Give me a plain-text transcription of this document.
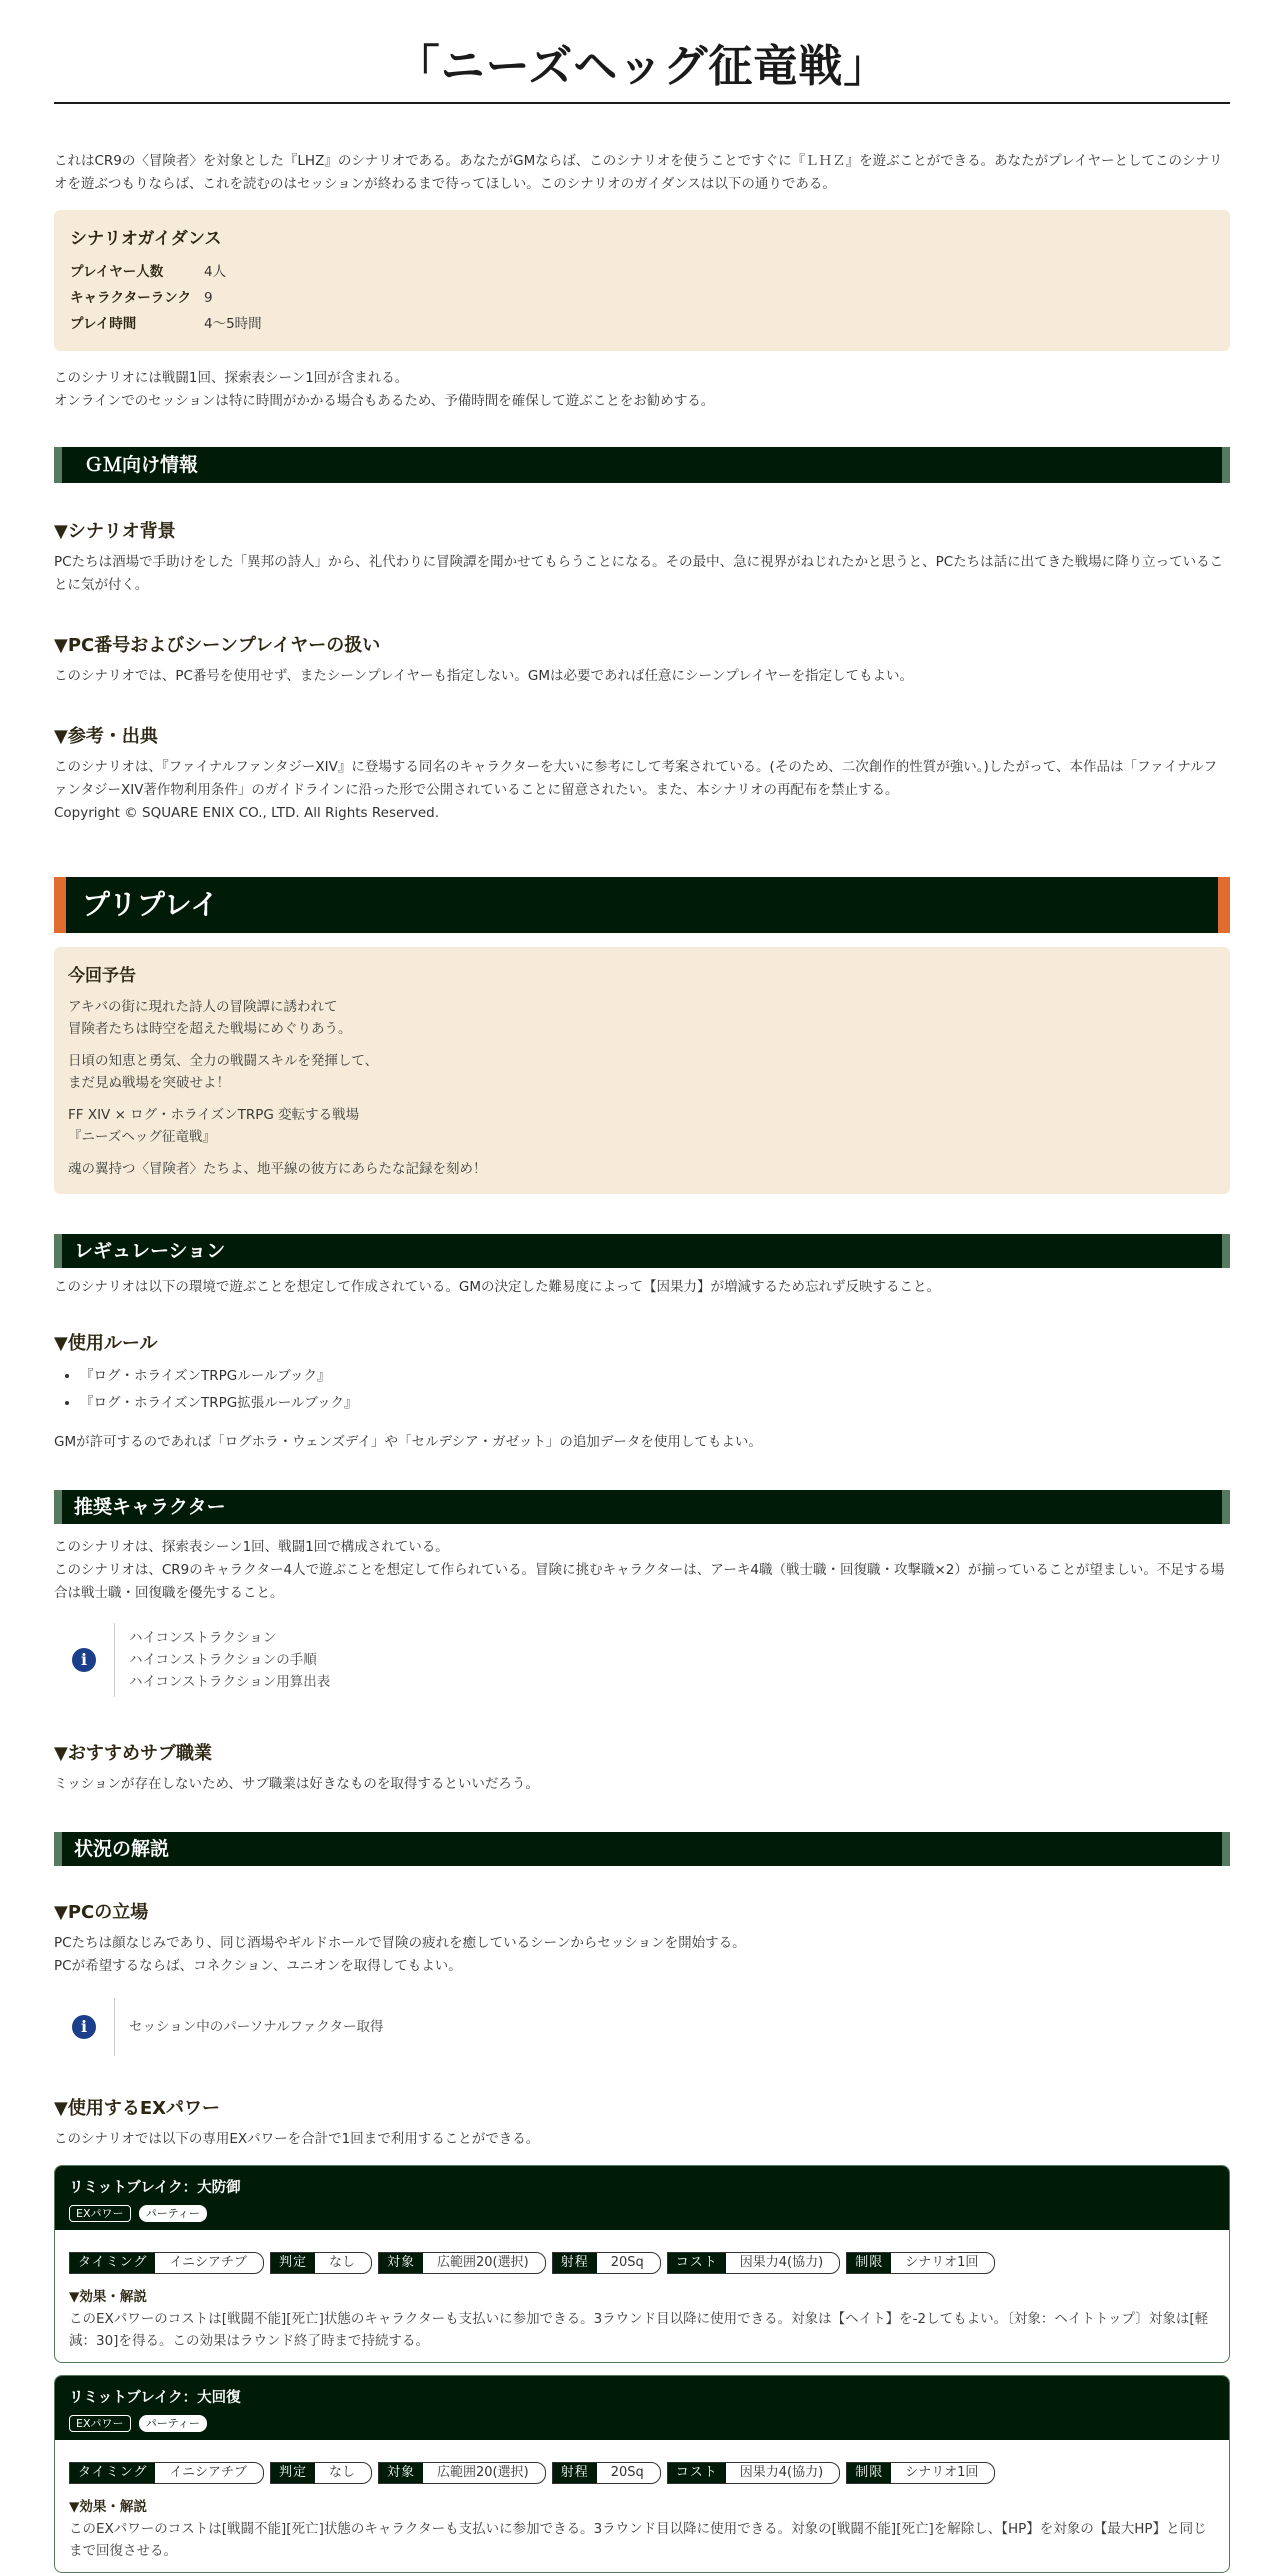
「ニーズヘッグ征竜戦」

これはCR9の〈冒険者〉を対象とした『LHZ』のシナリオである。あなたがGMならば、このシナリオを使うことですぐに『ＬＨＺ』を遊ぶことができる。あなたがプレイヤーとしてこのシナリオを遊ぶつもりならば、これを読むのはセッションが終わるまで待ってほしい。このシナリオのガイダンスは以下の通りである。

シナリオガイダンス
プレイヤー人数	4人
キャラクターランク 9
プレイ時間	4～5時間

このシナリオには戦闘1回、探索表シーン1回が含まれる。

オンラインでのセッションは特に時間がかかる場合もあるため、予備時間を確保して遊ぶことをお勧めする。

ＧＭ向け情報
▼シナリオ背景

PCたちは酒場で手助けをした「異邦の詩人」から、礼代わりに冒険譚を聞かせてもらうことになる。その最中、急に視界がねじれたかと思うと、PCたちは話に出てきた戦場に降り立っていることに気が付く。

▼PC番号およびシーンプレイヤーの扱い

このシナリオでは、PC番号を使用せず、またシーンプレイヤーも指定しない。GMは必要であれば任意にシーンプレイヤーを指定してもよい。

▼参考・出典

このシナリオは、『ファイナルファンタジーXIV』に登場する同名のキャラクターを大いに参考にして考案されている。(そのため、二次創作的性質が強い。)したがって、本作品は「ファイナルファンタジーXIV著作物利用条件」のガイドラインに沿った形で公開されていることに留意されたい。また、本シナリオの再配布を禁止する。

Copyright © SQUARE ENIX CO., LTD. All Rights Reserved.

プリプレイ
今回予告

アキバの街に現れた詩人の冒険譚に誘われて
冒険者たちは時空を超えた戦場にめぐりあう。

日頃の知恵と勇気、全力の戦闘スキルを発揮して、
まだ見ぬ戦場を突破せよ！

FF XIV × ログ・ホライズンTRPG 変転する戦場
『ニーズヘッグ征竜戦』

魂の翼持つ〈冒険者〉たちよ、地平線の彼方にあらたな記録を刻め！

レギュレーション

このシナリオは以下の環境で遊ぶことを想定して作成されている。GMの決定した難易度によって【因果力】が増減するため忘れず反映すること。

▼使用ルール
• 『ログ・ホライズンTRPGルールブック』
• 『ログ・ホライズンTRPG拡張ルールブック』

GMが許可するのであれば「ログホラ・ウェンズデイ」や「セルデシア・ガゼット」の追加データを使用してもよい。

推奨キャラクター

このシナリオは、探索表シーン1回、戦闘1回で構成されている。

このシナリオは、CR9のキャラクター4人で遊ぶことを想定して作られている。冒険に挑むキャラクターは、アーキ4職（戦士職・回復職・攻撃職×2）が揃っていることが望ましい。不足する場合は戦士職・回復職を優先すること。

i
ハイコンストラクション
ハイコンストラクションの手順
ハイコンストラクション用算出表
▼おすすめサブ職業

ミッションが存在しないため、サブ職業は好きなものを取得するといいだろう。

状況の解説
▼PCの立場

PCたちは顔なじみであり、同じ酒場やギルドホールで冒険の疲れを癒しているシーンからセッションを開始する。

PCが希望するならば、コネクション、ユニオンを取得してもよい。

i	セッション中のパーソナルファクター取得
▼使用するEXパワー

このシナリオでは以下の専用EXパワーを合計で1回まで利用することができる。

リミットブレイク：大防御
EXパワー パーティー
タイミング	イニシアチブ	判定	なし	対象	広範囲20(選択)	射程	20Sq	コスト	因果力4(協力)	制限	シナリオ1回
▼効果・解説
このEXパワーのコストは[戦闘不能][死亡]状態のキャラクターも支払いに参加できる。3ラウンド目以降に使用できる。対象は【ヘイト】を-2してもよい。〔対象：ヘイトトップ〕対象は[軽減：30]を得る。この効果はラウンド終了時まで持続する。
リミットブレイク：大回復
EXパワー パーティー
タイミング	イニシアチブ	判定	なし	対象	広範囲20(選択)	射程	20Sq	コスト	因果力4(協力)	制限	シナリオ1回
▼効果・解説
このEXパワーのコストは[戦闘不能][死亡]状態のキャラクターも支払いに参加できる。3ラウンド目以降に使用できる。対象の[戦闘不能][死亡]を解除し、【HP】を対象の【最大HP】と同じまで回復させる。
